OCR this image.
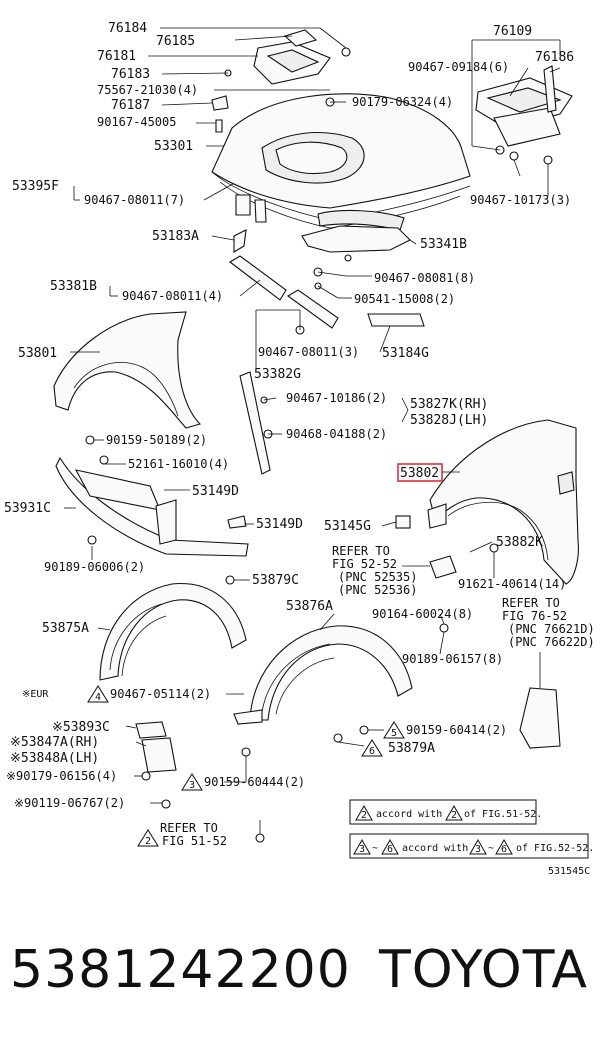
76184
76185
76181
76183
75567-21030(4)
76187
90167-45005
53301
53395F
90467-08011(7)
53183A
53381B
90467-08011(4)
53801	90467-08011(3) 53184G
53382G
76109
76186
90467-09184(6)
90179-06324(4)
90467-10173(3)
53341B
90467-08081(8)
90541-15008(2)
90467-10186(2) 53827K(RH)
53828J(LH)
90468-04188(2)
90159-50189(2)
52161-16010(4)
53149D
53931C
53149D 53145G
53802
53882K
90189-06006(2)
53879C	91621-40614(14)
REFER TO
FIG 52-52
(PNC 52535)
(PNC 52536)
REFER TO
FIG 76-52
(PNC 76621D)
(PNC 76622D)
53875A
53876A	90164-60024(8)
90189-06157(8)
※EUR	90467-05114(2)
※53893C
※53847A(RH)
※53848A(LH)
※90179-06156(4)
※90119-06767(2)
90159-60414(2)
53879A
90159-60444(2)
REFER TO
FIG 51-52
4
5
6
3
2
2 accord with 2 of FIG.51-52.
3 ~ 6 accord with 3 ~ 6 of FIG.52-52.
531545C
5381242200 TOYOTA
